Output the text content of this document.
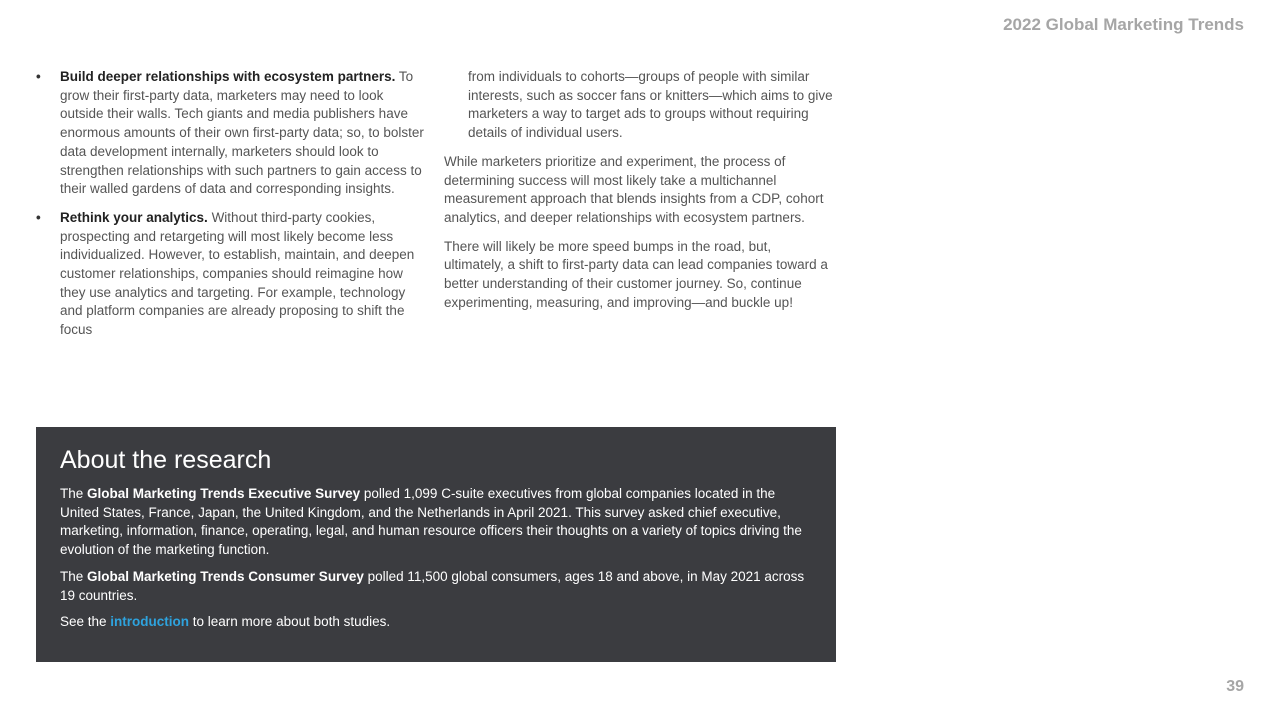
2022 Global Marketing Trends
• Build deeper relationships with ecosystem partners. To grow their first-party data, marketers may need to look outside their walls. Tech giants and media publishers have enormous amounts of their own first-party data; so, to bolster data development internally, marketers should look to strengthen relationships with such partners to gain access to their walled gardens of data and corresponding insights.
• Rethink your analytics. Without third-party cookies, prospecting and retargeting will most likely become less individualized. However, to establish, maintain, and deepen customer relationships, companies should reimagine how they use analytics and targeting. For example, technology and platform companies are already proposing to shift the focus

from individuals to cohorts—groups of people with similar interests, such as soccer fans or knitters—which aims to give marketers a way to target ads to groups without requiring details of individual users.

While marketers prioritize and experiment, the process of determining success will most likely take a multichannel measurement approach that blends insights from a CDP, cohort analytics, and deeper relationships with ecosystem partners.

There will likely be more speed bumps in the road, but, ultimately, a shift to first-party data can lead companies toward a better understanding of their customer journey. So, continue experimenting, measuring, and improving—and buckle up!

About the research

The Global Marketing Trends Executive Survey polled 1,099 C-suite executives from global companies located in the United States, France, Japan, the United Kingdom, and the Netherlands in April 2021. This survey asked chief executive, marketing, information, finance, operating, legal, and human resource officers their thoughts on a variety of topics driving the evolution of the marketing function.

The Global Marketing Trends Consumer Survey polled 11,500 global consumers, ages 18 and above, in May 2021 across 19 countries.

See the introduction to learn more about both studies.

39
